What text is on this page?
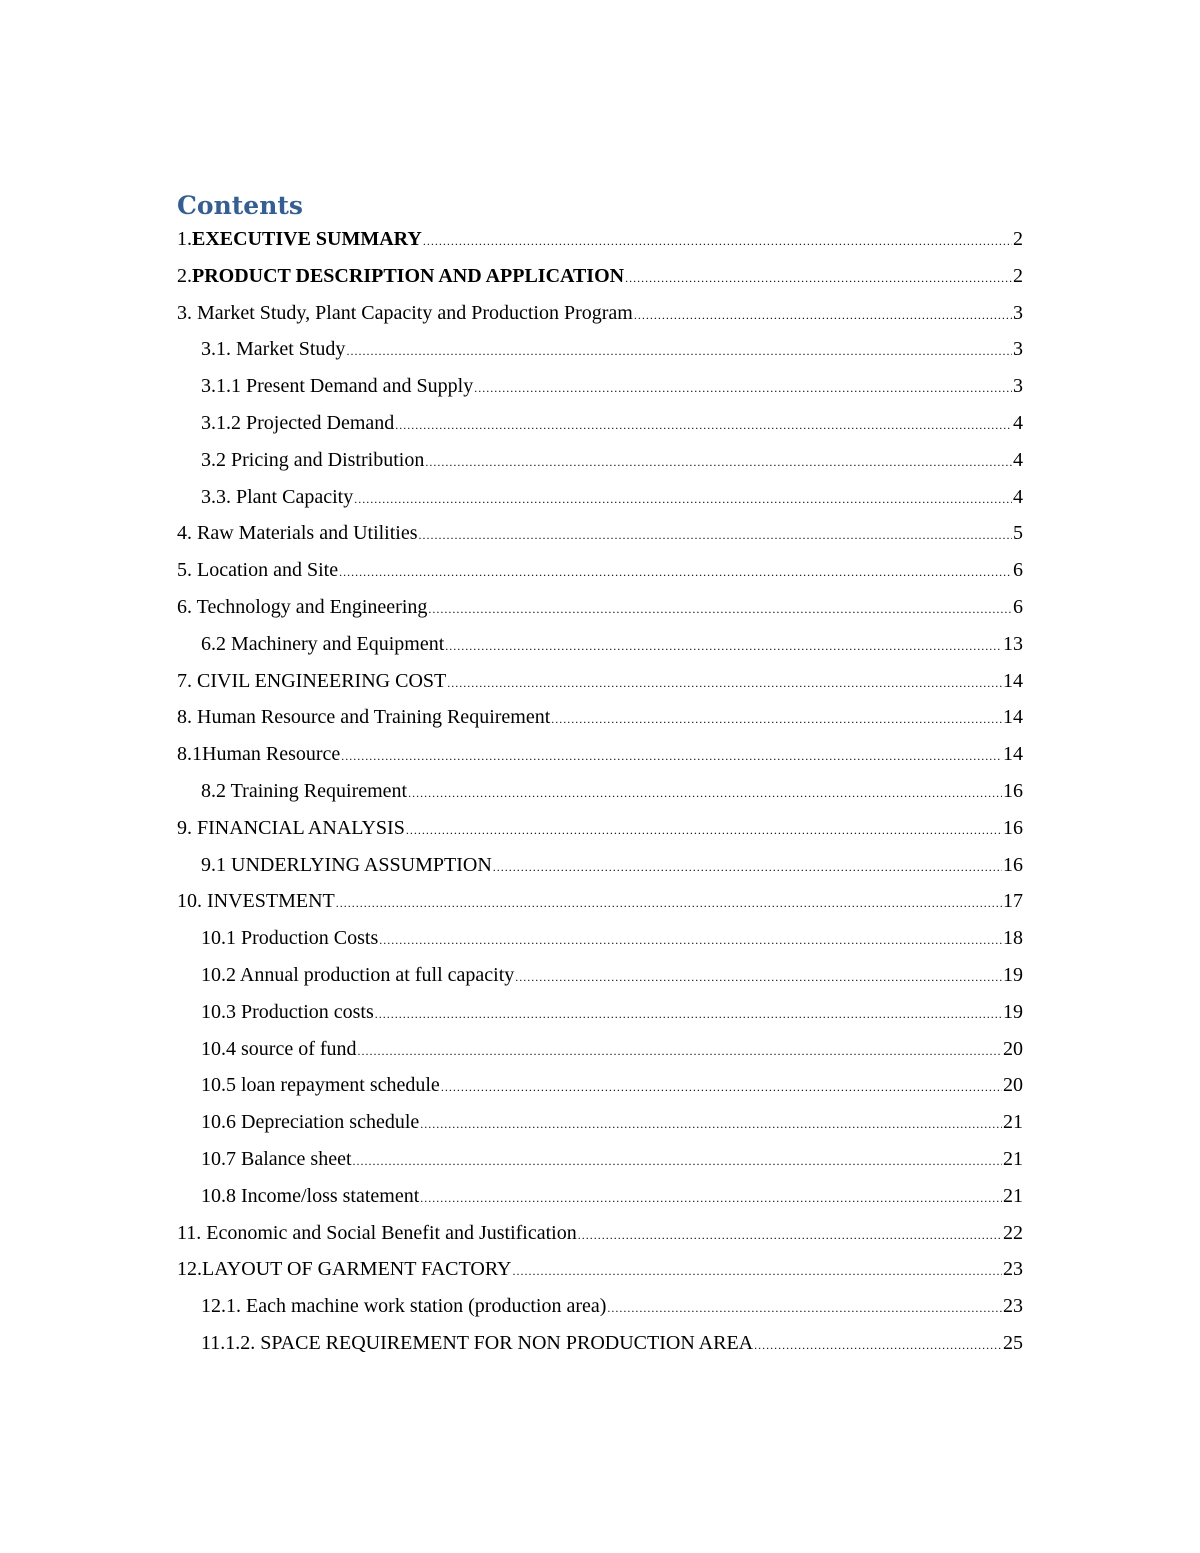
Contents
1.EXECUTIVE SUMMARY .....	2
2.PRODUCT DESCRIPTION AND APPLICATION .....	2
3. Market Study, Plant Capacity and Production Program .....	3
3.1. Market Study .....	3
3.1.1 Present Demand and Supply .....	3
3.1.2 Projected Demand .....	4
3.2 Pricing and Distribution .....	4
3.3. Plant Capacity .....	4
4. Raw Materials and Utilities .....	5
5. Location and Site .....	6
6. Technology and Engineering .....	6
6.2 Machinery and Equipment .....	13
7. CIVIL ENGINEERING COST .....	14
8. Human Resource and Training Requirement .....	14
8.1Human Resource .....	14
8.2 Training Requirement .....	16
9. FINANCIAL ANALYSIS .....	16
9.1 UNDERLYING ASSUMPTION .....	16
10. INVESTMENT .....	17
10.1 Production Costs .....	18
10.2 Annual production at full capacity .....	19
10.3 Production costs .....	19
10.4 source of fund .....	20
10.5 loan repayment schedule .....	20
10.6 Depreciation schedule .....	21
10.7 Balance sheet .....	21
10.8 Income/loss statement .....	21
11. Economic and Social Benefit and Justification .....	22
12.LAYOUT OF GARMENT FACTORY .....	23
12.1. Each machine work station (production area) .....	23
11.1.2. SPACE REQUIREMENT FOR NON PRODUCTION AREA .....	25
